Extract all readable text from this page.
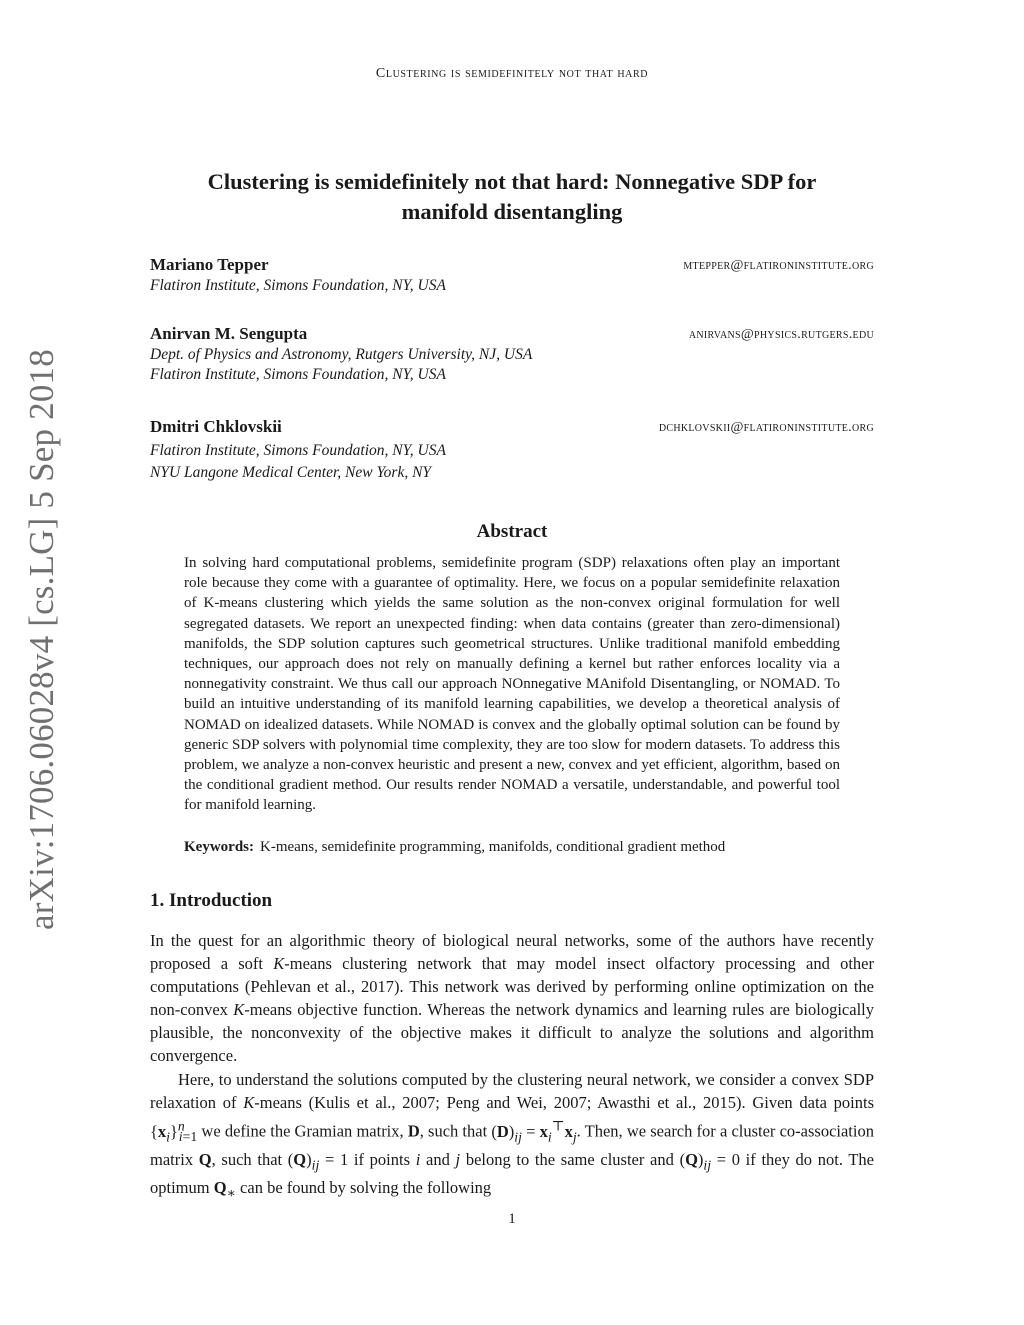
Clustering is semidefinitely not that hard
Clustering is semidefinitely not that hard: Nonnegative SDP for
manifold disentangling
Mariano Tepper	mtepper@flatironinstitute.org
Flatiron Institute, Simons Foundation, NY, USA
Anirvan M. Sengupta	anirvans@physics.rutgers.edu
Dept. of Physics and Astronomy, Rutgers University, NJ, USA
Flatiron Institute, Simons Foundation, NY, USA
Dmitri Chklovskii	dchklovskii@flatironinstitute.org
Flatiron Institute, Simons Foundation, NY, USA
NYU Langone Medical Center, New York, NY
arXiv:1706.06028v4 [cs.LG] 5 Sep 2018	Abstract
In solving hard computational problems, semidefinite program (SDP) relaxations often play an important role because they come with a guarantee of optimality. Here, we focus on a popular semidefinite relaxation of K-means clustering which yields the same solution as the non-convex original formulation for well segregated datasets. We report an unexpected finding: when data contains (greater than zero-dimensional) manifolds, the SDP solution captures such geometrical structures. Unlike traditional manifold embedding techniques, our approach does not rely on manually defining a kernel but rather enforces locality via a nonnegativity constraint. We thus call our approach NOnnegative MAnifold Disentangling, or NOMAD. To build an intuitive understanding of its manifold learning capabilities, we develop a theoretical analysis of NOMAD on idealized datasets. While NOMAD is convex and the globally optimal solution can be found by generic SDP solvers with polynomial time complexity, they are too slow for modern datasets. To address this problem, we analyze a non-convex heuristic and present a new, convex and yet efficient, algorithm, based on the conditional gradient method. Our results render NOMAD a versatile, understandable, and powerful tool for manifold learning.
Keywords: K-means, semidefinite programming, manifolds, conditional gradient method
1. Introduction
In the quest for an algorithmic theory of biological neural networks, some of the authors have recently proposed a soft K-means clustering network that may model insect olfactory processing and other computations (Pehlevan et al., 2017). This network was derived by performing online optimization on the non-convex K-means objective function. Whereas the network dynamics and learning rules are biologically plausible, the nonconvexity of the objective makes it difficult to analyze the solutions and algorithm convergence.
Here, to understand the solutions computed by the clustering neural network, we consider a convex SDP relaxation of K-means (Kulis et al., 2007; Peng and Wei, 2007; Awasthi et al., 2015). Given data points $\{x_i\}^n_{i=1}$ we define the Gramian matrix, D, such that $(D)_{ij} = x_i^⊤x_j$. Then, we search for a cluster co-association matrix Q, such that $(Q)_{ij} = 1$ if points i and j belong to the same cluster and $(Q)_{ij} = 0$ if they do not. The optimum $Q_∗$ can be found by solving the following
1
